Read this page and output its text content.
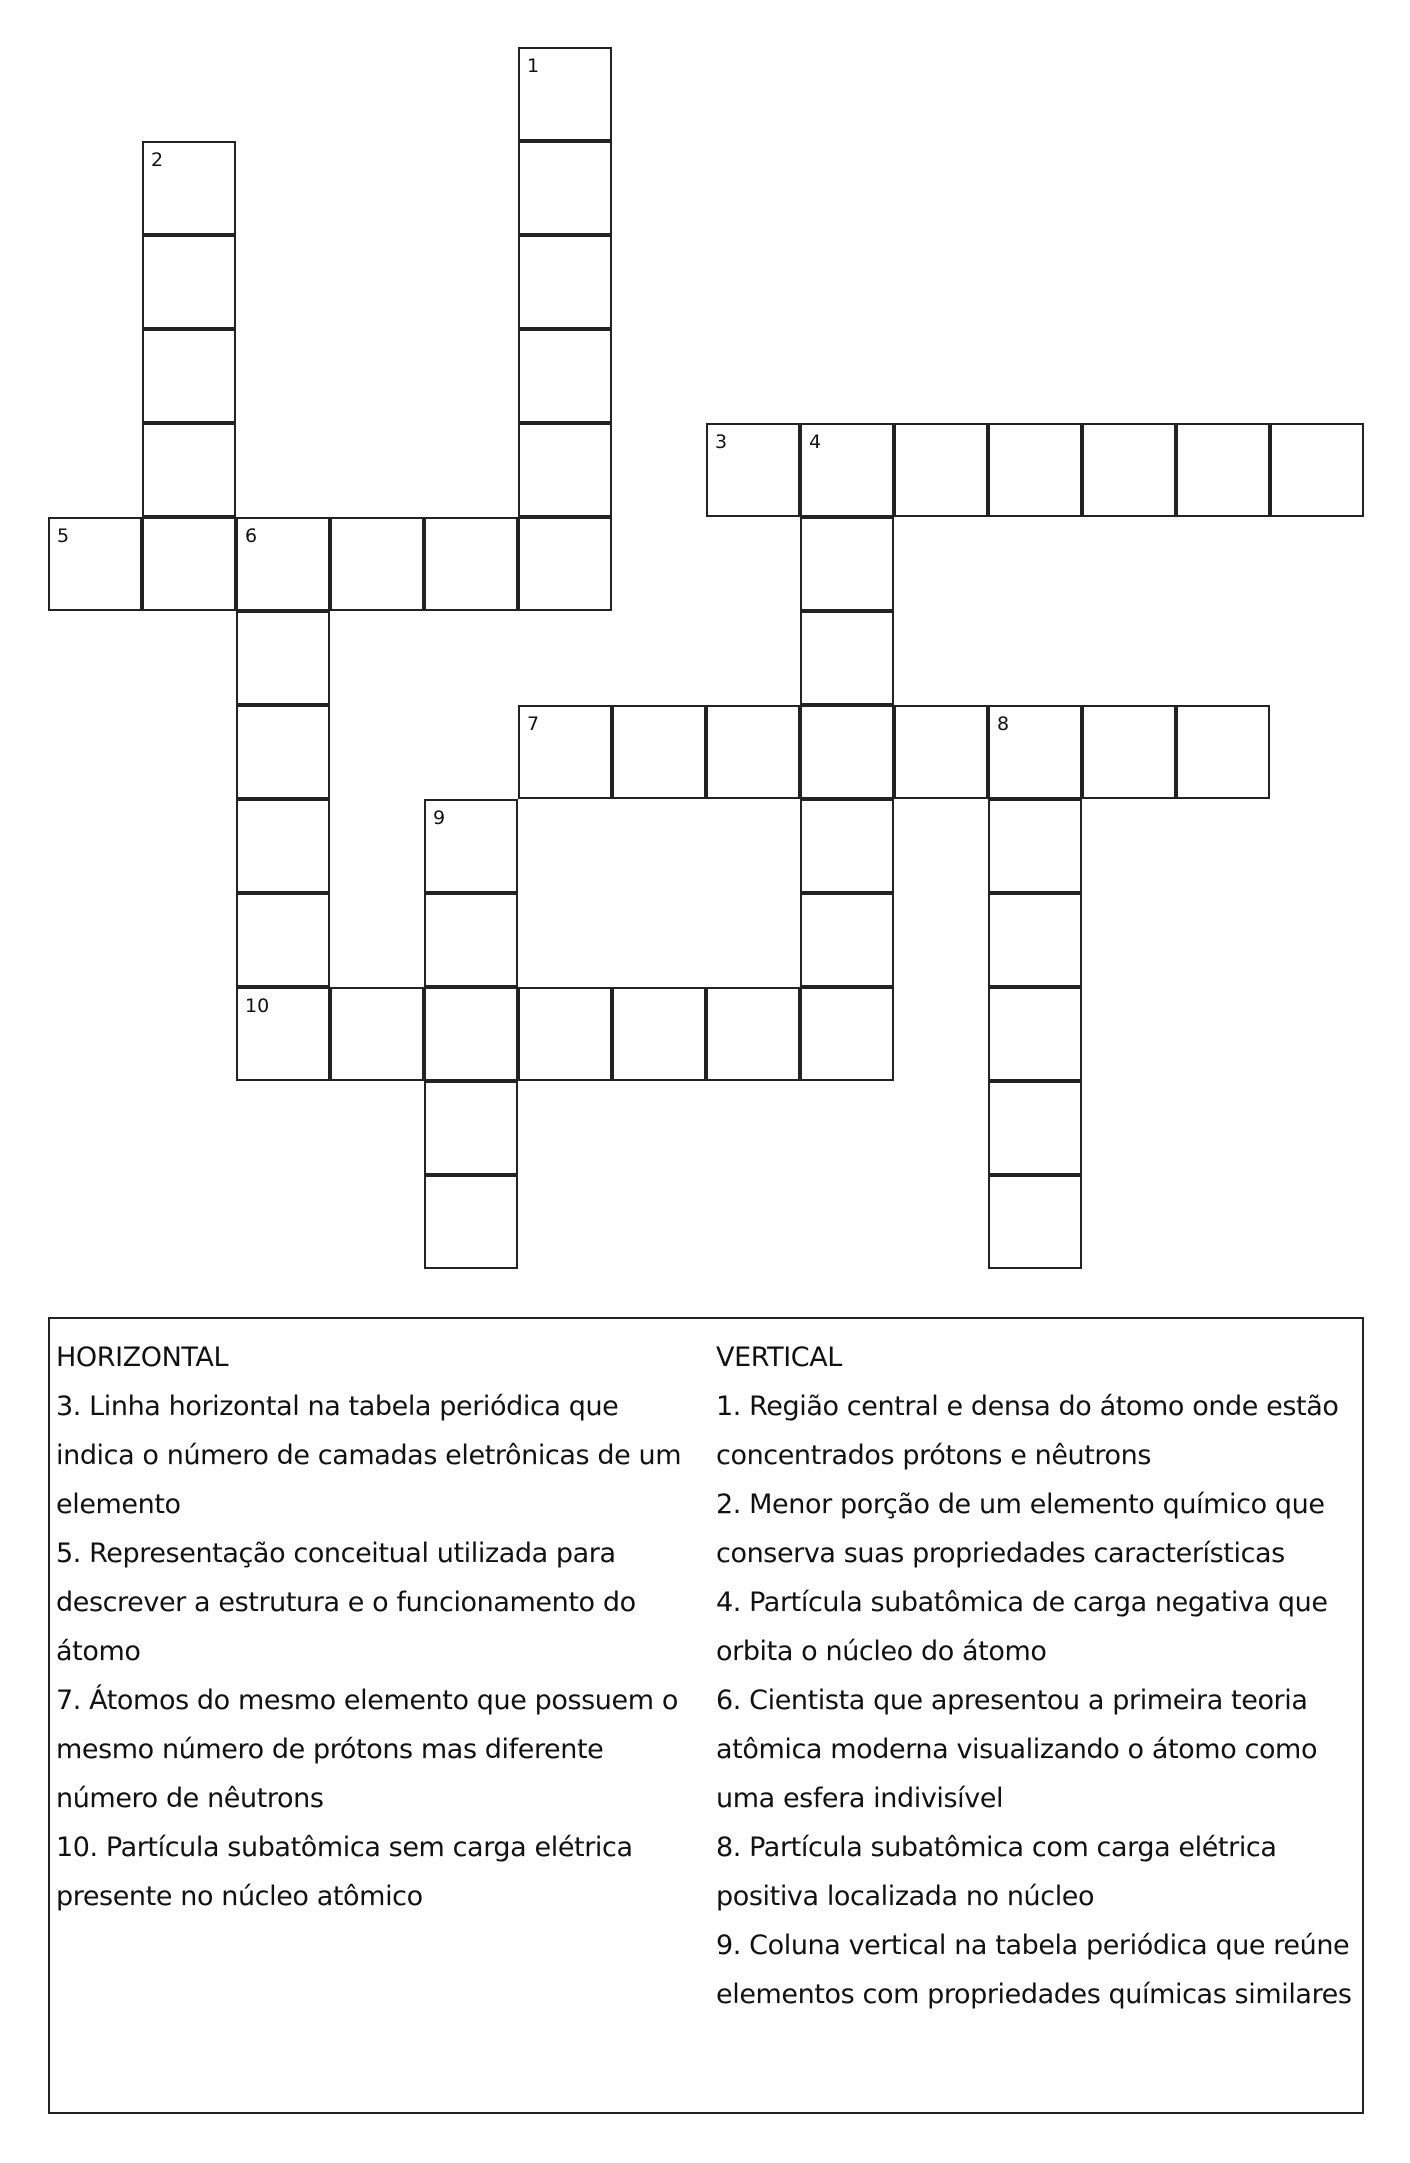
1
2
3	4
5	6
7	8
9
10
HORIZONTAL
3. Linha horizontal na tabela periódica que indica o número de camadas eletrônicas de um elemento
5. Representação conceitual utilizada para descrever a estrutura e o funcionamento do átomo
7. Átomos do mesmo elemento que possuem o mesmo número de prótons mas diferente número de nêutrons
10. Partícula subatômica sem carga elétrica presente no núcleo atômico
VERTICAL
1. Região central e densa do átomo onde estão concentrados prótons e nêutrons
2. Menor porção de um elemento químico que conserva suas propriedades características
4. Partícula subatômica de carga negativa que orbita o núcleo do átomo
6. Cientista que apresentou a primeira teoria atômica moderna visualizando o átomo como uma esfera indivisível
8. Partícula subatômica com carga elétrica positiva localizada no núcleo
9. Coluna vertical na tabela periódica que reúne elementos com propriedades químicas similares
